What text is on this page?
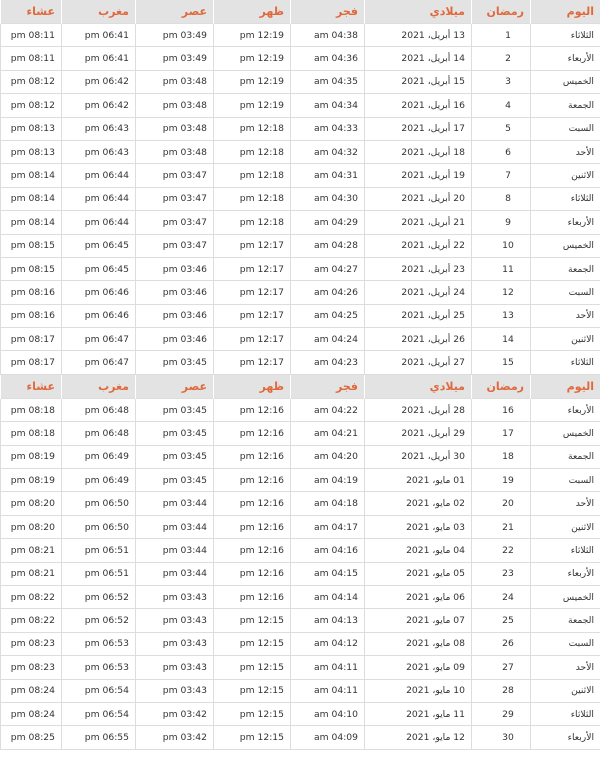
اليوم	رمضان	ميلادي	فجر	ظهر	عصر	مغرب	عشاء
الثلاثاء	1	13 أبريل، 2021	04:38 am	12:19 pm	03:49 pm	06:41 pm	08:11 pm
الأربعاء	2	14 أبريل، 2021	04:36 am	12:19 pm	03:49 pm	06:41 pm	08:11 pm
الخميس	3	15 أبريل، 2021	04:35 am	12:19 pm	03:48 pm	06:42 pm	08:12 pm
الجمعة	4	16 أبريل، 2021	04:34 am	12:19 pm	03:48 pm	06:42 pm	08:12 pm
السبت	5	17 أبريل، 2021	04:33 am	12:18 pm	03:48 pm	06:43 pm	08:13 pm
الأحد	6	18 أبريل، 2021	04:32 am	12:18 pm	03:48 pm	06:43 pm	08:13 pm
الاثنين	7	19 أبريل، 2021	04:31 am	12:18 pm	03:47 pm	06:44 pm	08:14 pm
الثلاثاء	8	20 أبريل، 2021	04:30 am	12:18 pm	03:47 pm	06:44 pm	08:14 pm
الأربعاء	9	21 أبريل، 2021	04:29 am	12:18 pm	03:47 pm	06:44 pm	08:14 pm
الخميس	10	22 أبريل، 2021	04:28 am	12:17 pm	03:47 pm	06:45 pm	08:15 pm
الجمعة	11	23 أبريل، 2021	04:27 am	12:17 pm	03:46 pm	06:45 pm	08:15 pm
السبت	12	24 أبريل، 2021	04:26 am	12:17 pm	03:46 pm	06:46 pm	08:16 pm
الأحد	13	25 أبريل، 2021	04:25 am	12:17 pm	03:46 pm	06:46 pm	08:16 pm
الاثنين	14	26 أبريل، 2021	04:24 am	12:17 pm	03:46 pm	06:47 pm	08:17 pm
الثلاثاء	15	27 أبريل، 2021	04:23 am	12:17 pm	03:45 pm	06:47 pm	08:17 pm
اليوم	رمضان	ميلادي	فجر	ظهر	عصر	مغرب	عشاء
الأربعاء	16	28 أبريل، 2021	04:22 am	12:16 pm	03:45 pm	06:48 pm	08:18 pm
الخميس	17	29 أبريل، 2021	04:21 am	12:16 pm	03:45 pm	06:48 pm	08:18 pm
الجمعة	18	30 أبريل، 2021	04:20 am	12:16 pm	03:45 pm	06:49 pm	08:19 pm
السبت	19	01 مايو، 2021	04:19 am	12:16 pm	03:45 pm	06:49 pm	08:19 pm
الأحد	20	02 مايو، 2021	04:18 am	12:16 pm	03:44 pm	06:50 pm	08:20 pm
الاثنين	21	03 مايو، 2021	04:17 am	12:16 pm	03:44 pm	06:50 pm	08:20 pm
الثلاثاء	22	04 مايو، 2021	04:16 am	12:16 pm	03:44 pm	06:51 pm	08:21 pm
الأربعاء	23	05 مايو، 2021	04:15 am	12:16 pm	03:44 pm	06:51 pm	08:21 pm
الخميس	24	06 مايو، 2021	04:14 am	12:16 pm	03:43 pm	06:52 pm	08:22 pm
الجمعة	25	07 مايو، 2021	04:13 am	12:15 pm	03:43 pm	06:52 pm	08:22 pm
السبت	26	08 مايو، 2021	04:12 am	12:15 pm	03:43 pm	06:53 pm	08:23 pm
الأحد	27	09 مايو، 2021	04:11 am	12:15 pm	03:43 pm	06:53 pm	08:23 pm
الاثنين	28	10 مايو، 2021	04:11 am	12:15 pm	03:43 pm	06:54 pm	08:24 pm
الثلاثاء	29	11 مايو، 2021	04:10 am	12:15 pm	03:42 pm	06:54 pm	08:24 pm
الأربعاء	30	12 مايو، 2021	04:09 am	12:15 pm	03:42 pm	06:55 pm	08:25 pm
